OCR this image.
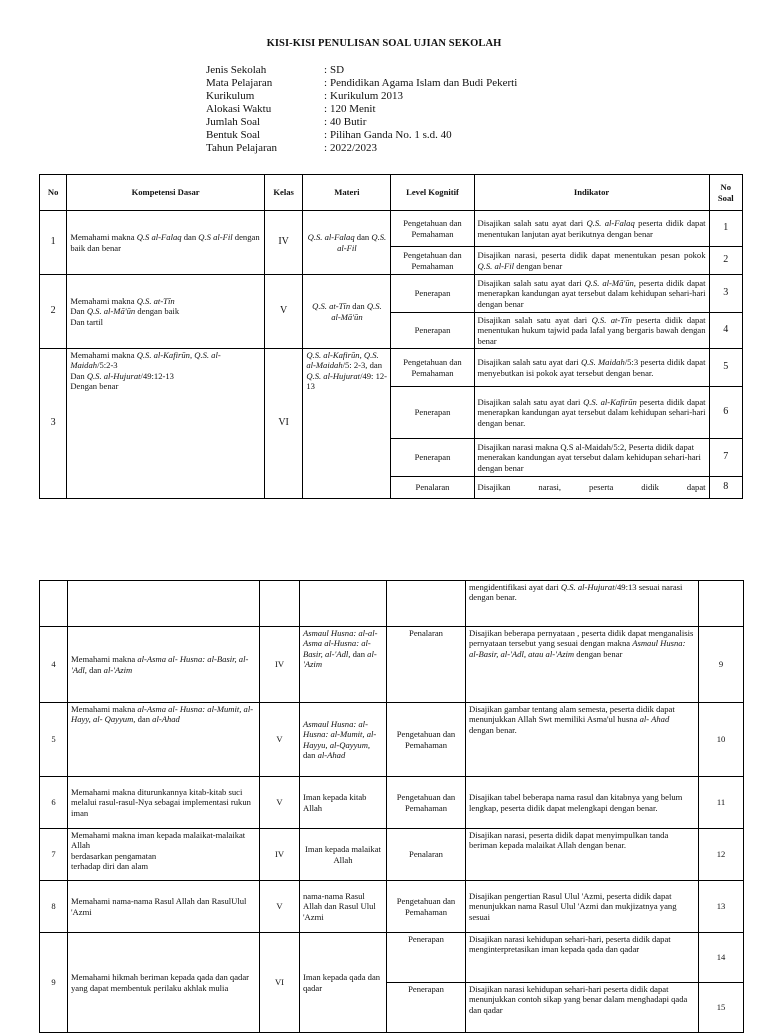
KISI-KISI PENULISAN SOAL UJIAN SEKOLAH
Jenis Sekolah	: SD
Mata Pelajaran	: Pendidikan Agama Islam dan Budi Pekerti
Kurikulum	: Kurikulum 2013
Alokasi Waktu	: 120 Menit
Jumlah Soal	: 40 Butir
Bentuk Soal	: Pilihan Ganda No. 1 s.d. 40
Tahun Pelajaran	: 2022/2023
No	Kompetensi Dasar	Kelas	Materi	Level Kognitif	Indikator	No Soal
1	Memahami makna Q.S al-Falaq dan Q.S al-Fil dengan baik dan benar	IV	Q.S. al-Falaq dan Q.S. al-Fil	Pengetahuan dan Pemahaman	Disajikan salah satu ayat dari Q.S. al-Falaq peserta didik dapat menentukan lanjutan ayat berikutnya dengan benar	1
				Pengetahuan dan Pemahaman	Disajikan narasi, peserta didik dapat menentukan pesan pokok Q.S. al-Fil dengan benar	2
2	Memahami makna Q.S. at-Tīn
Dan Q.S. al-Mā'ūn dengan baik
Dan tartil	V	Q.S. at-Tīn dan Q.S. al-Mā'ūn	Penerapan	Disajikan salah satu ayat dari Q.S. al-Mā'ūn, peserta didik dapat menerapkan kandungan ayat tersebut dalam kehidupan sehari-hari dengan benar	3
				Penerapan	Disajikan salah satu ayat dari Q.S. at-Tīn peserta didik dapat menentukan hukum tajwid pada lafal yang bergaris bawah dengan benar	4
3	Memahami makna Q.S. al-Kafirūn, Q.S. al-Maidah/5:2-3
Dan Q.S. al-Hujurat/49:12-13
Dengan benar	VI	Q.S. al-Kafirūn, Q.S. al-Maidah/5: 2-3, dan Q.S. al-Hujurat/49: 12-13	Pengetahuan dan Pemahaman	Disajikan salah satu ayat dari Q.S. Maidah/5:3 peserta didik dapat menyebutkan isi pokok ayat tersebut dengan benar.	5
				Penerapan	Disajikan salah satu ayat dari Q.S. al-Kafirūn peserta didik dapat menerapkan kandungan ayat tersebut dalam kehidupan sehari-hari dengan benar.	6
				Penerapan	Disajikan narasi makna Q.S al-Maidah/5:2, Peserta didik dapat menerakan kandungan ayat tersebut dalam kehidupan sehari-hari dengan benar	7
				Penalaran	Disajikan narasi, peserta didik dapat	8
					mengidentifikasi ayat dari Q.S. al-Hujurat/49:13 sesuai narasi dengan benar.	
4	Memahami makna al-Asma al- Husna: al-Basir, al-'Adl, dan al-'Azim	IV	Asmaul Husna: al-al-Asma al-Husna: al-Basir, al-'Adl, dan al-'Azim	Penalaran	Disajikan beberapa pernyataan , peserta didik dapat menganalisis pernyataan tersebut yang sesuai dengan makna Asmaul Husna: al-Basir, al-'Adl, atau al-'Azim dengan benar	9
5	Memahami makna al-Asma al- Husna: al-Mumit, al-Hayy, al- Qayyum, dan al-Ahad	V	Asmaul Husna: al-Husna: al-Mumit, al-Hayyu, al-Qayyum, dan al-Ahad	Pengetahuan dan Pemahaman	Disajikan gambar tentang alam semesta, peserta didik dapat menunjukkan Allah Swt memiliki Asma'ul husna al- Ahad dengan benar.	10
6	Memahami makna diturunkannya kitab-kitab suci melalui rasul-rasul-Nya sebagai implementasi rukun iman	V	Iman kepada kitab Allah	Pengetahuan dan Pemahaman	Disajikan tabel beberapa nama rasul dan kitabnya yang belum lengkap, peserta didik dapat melengkapi dengan benar.	11
7	Memahami makna iman kepada malaikat-malaikat Allah
berdasarkan pengamatan
terhadap diri dan alam	IV	Iman kepada malaikat Allah	Penalaran	Disajikan narasi, peserta didik dapat menyimpulkan tanda beriman kepada malaikat Allah dengan benar.	12
8	Memahami nama-nama Rasul Allah dan RasulUlul 'Azmi	V	nama-nama Rasul Allah dan Rasul Ulul 'Azmi	Pengetahuan dan Pemahaman	Disajikan pengertian Rasul Ulul 'Azmi, peserta didik dapat menunjukkan nama Rasul Ulul 'Azmi dan mukjizatnya yang sesuai	13
9	Memahami hikmah beriman kepada qada dan qadar yang dapat membentuk perilaku akhlak mulia	VI	Iman kepada qada dan qadar	Penerapan	Disajikan narasi kehidupan sehari-hari, peserta didik dapat menginterpretasikan iman kepada qada dan qadar	14
				Penerapan	Disajikan narasi kehidupan sehari-hari peserta didik dapat menunjukkan contoh sikap yang benar dalam menghadapi qada dan qadar	15
